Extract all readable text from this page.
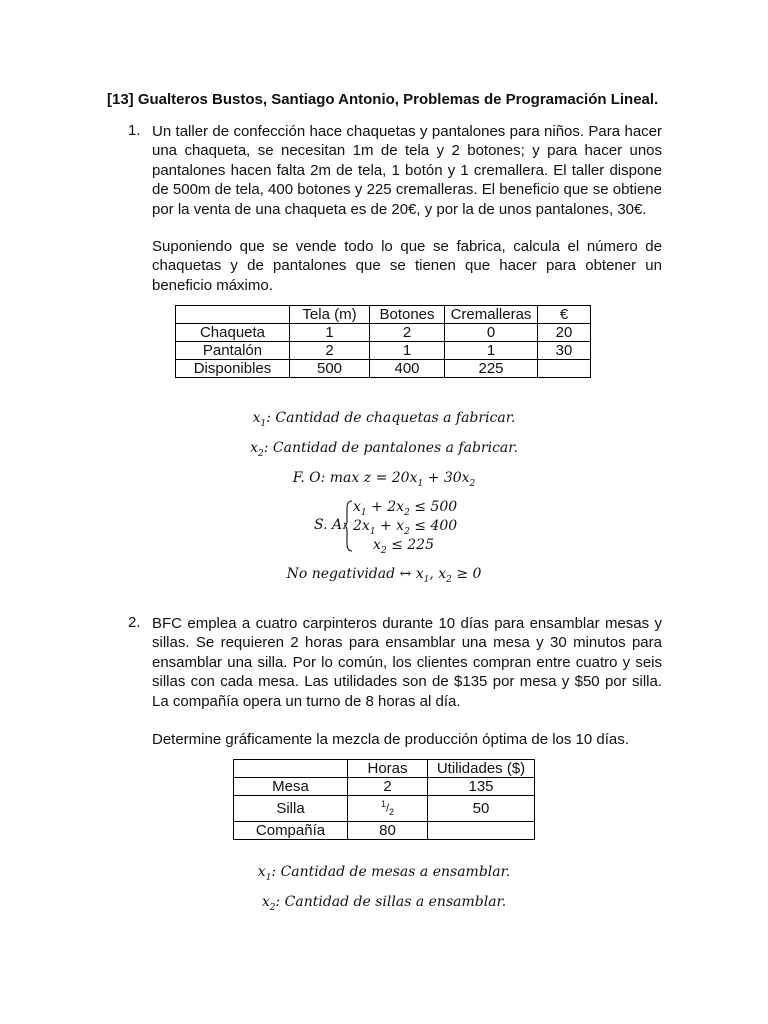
[13] Gualteros Bustos, Santiago Antonio, Problemas de Programación Lineal.
1. Un taller de confección hace chaquetas y pantalones para niños. Para hacer una chaqueta, se necesitan 1m de tela y 2 botones; y para hacer unos pantalones hacen falta 2m de tela, 1 botón y 1 cremallera. El taller dispone de 500m de tela, 400 botones y 225 cremalleras. El beneficio que se obtiene por la venta de una chaqueta es de 20€, y por la de unos pantalones, 30€.

Suponiendo que se vende todo lo que se fabrica, calcula el número de chaquetas y de pantalones que se tienen que hacer para obtener un beneficio máximo.

	Tela (m)	Botones	Cremalleras	€
Chaqueta	1	2	0	20
Pantalón	2	1	1	30
Disponibles	500	400	225	
$x_1$: Cantidad de chaquetas a fabricar.
$x_2$: Cantidad de pantalones a fabricar.
F. O: $\max z = 20x_1 + 30x_2$
S. A:
$x_1 + 2x_2 \le 500$
$2x_1 + x_2 \le 400$
$x_2 \le 225$
No negatividad ↔ $x_1$, $x_2 \ge 0$
2. BFC emplea a cuatro carpinteros durante 10 días para ensamblar mesas y sillas. Se requieren 2 horas para ensamblar una mesa y 30 minutos para ensamblar una silla. Por lo común, los clientes compran entre cuatro y seis sillas con cada mesa. Las utilidades son de $135 por mesa y $50 por silla. La compañía opera un turno de 8 horas al día.

Determine gráficamente la mezcla de producción óptima de los 10 días.

	Horas	Utilidades ($)
Mesa	2	135
Silla	$^1/_2$	50
Compañía	80	
$x_1$: Cantidad de mesas a ensamblar.
$x_2$: Cantidad de sillas a ensamblar.
